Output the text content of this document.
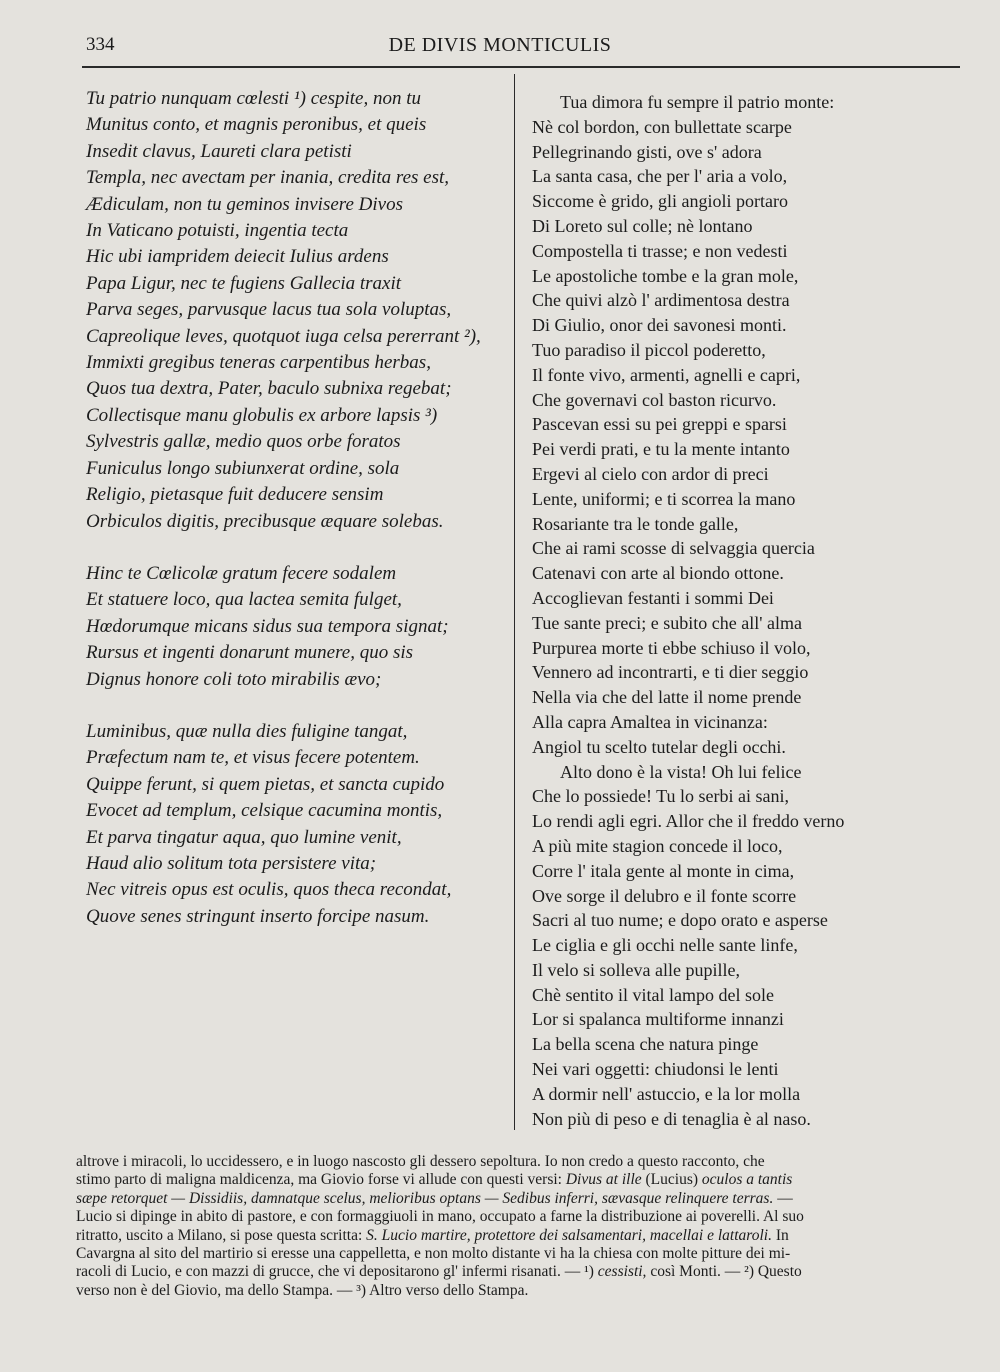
334	DE DIVIS MONTICULIS
Tu patrio nunquam cœlesti ¹) cespite, non tu
Munitus conto, et magnis peronibus, et queis
Insedit clavus, Laureti clara petisti
Templa, nec avectam per inania, credita res est,
Ædiculam, non tu geminos invisere Divos
In Vaticano potuisti, ingentia tecta
Hic ubi iampridem deiecit Iulius ardens
Papa Ligur, nec te fugiens Gallecia traxit
Parva seges, parvusque lacus tua sola voluptas,
Capreolique leves, quotquot iuga celsa pererrant ²),
Immixti gregibus teneras carpentibus herbas,
Quos tua dextra, Pater, baculo subnixa regebat;
Collectisque manu globulis ex arbore lapsis ³)
Sylvestris gallæ, medio quos orbe foratos
Funiculus longo subiunxerat ordine, sola
Religio, pietasque fuit deducere sensim
Orbiculos digitis, precibusque æquare solebas.
Hinc te Cœlicolæ gratum fecere sodalem
Et statuere loco, qua lactea semita fulget,
Hœdorumque micans sidus sua tempora signat;
Rursus et ingenti donarunt munere, quo sis
Dignus honore coli toto mirabilis ævo;
Luminibus, quæ nulla dies fuligine tangat,
Præfectum nam te, et visus fecere potentem.
Quippe ferunt, si quem pietas, et sancta cupido
Evocet ad templum, celsique cacumina montis,
Et parva tingatur aqua, quo lumine venit,
Haud alio solitum tota persistere vita;
Nec vitreis opus est oculis, quos theca recondat,
Quove senes stringunt inserto forcipe nasum.
Tua dimora fu sempre il patrio monte:
Nè col bordon, con bullettate scarpe
Pellegrinando gisti, ove s' adora
La santa casa, che per l' aria a volo,
Siccome è grido, gli angioli portaro
Di Loreto sul colle; nè lontano
Compostella ti trasse; e non vedesti
Le apostoliche tombe e la gran mole,
Che quivi alzò l' ardimentosa destra
Di Giulio, onor dei savonesi monti.
Tuo paradiso il piccol poderetto,
Il fonte vivo, armenti, agnelli e capri,
Che governavi col baston ricurvo.
Pascevan essi su pei greppi e sparsi
Pei verdi prati, e tu la mente intanto
Ergevi al cielo con ardor di preci
Lente, uniformi; e ti scorrea la mano
Rosariante tra le tonde galle,
Che ai rami scosse di selvaggia quercia
Catenavi con arte al biondo ottone.
Accoglievan festanti i sommi Dei
Tue sante preci; e subito che all' alma
Purpurea morte ti ebbe schiuso il volo,
Vennero ad incontrarti, e ti dier seggio
Nella via che del latte il nome prende
Alla capra Amaltea in vicinanza:
Angiol tu scelto tutelar degli occhi.
Alto dono è la vista! Oh lui felice
Che lo possiede! Tu lo serbi ai sani,
Lo rendi agli egri. Allor che il freddo verno
A più mite stagion concede il loco,
Corre l' itala gente al monte in cima,
Ove sorge il delubro e il fonte scorre
Sacri al tuo nume; e dopo orato e asperse
Le ciglia e gli occhi nelle sante linfe,
Il velo si solleva alle pupille,
Chè sentito il vital lampo del sole
Lor si spalanca multiforme innanzi
La bella scena che natura pinge
Nei vari oggetti: chiudonsi le lenti
A dormir nell' astuccio, e la lor molla
Non più di peso e di tenaglia è al naso.
altrove i miracoli, lo uccidessero, e in luogo nascosto gli dessero sepoltura. Io non credo a questo racconto, che
stimo parto di maligna maldicenza, ma Giovio forse vi allude con questi versi: Divus at ille (Lucius) oculos a tantis
sæpe retorquet — Dissidiis, damnatque scelus, melioribus optans — Sedibus inferri, sævasque relinquere terras. —
Lucio si dipinge in abito di pastore, e con formaggiuoli in mano, occupato a farne la distribuzione ai poverelli. Al suo
ritratto, uscito a Milano, si pose questa scritta: S. Lucio martire, protettore dei salsamentari, macellai e lattaroli. In
Cavargna al sito del martirio si eresse una cappelletta, e non molto distante vi ha la chiesa con molte pitture dei mi-
racoli di Lucio, e con mazzi di grucce, che vi depositarono gl' infermi risanati. — ¹) cessisti, così Monti. — ²) Questo
verso non è del Giovio, ma dello Stampa. — ³) Altro verso dello Stampa.
